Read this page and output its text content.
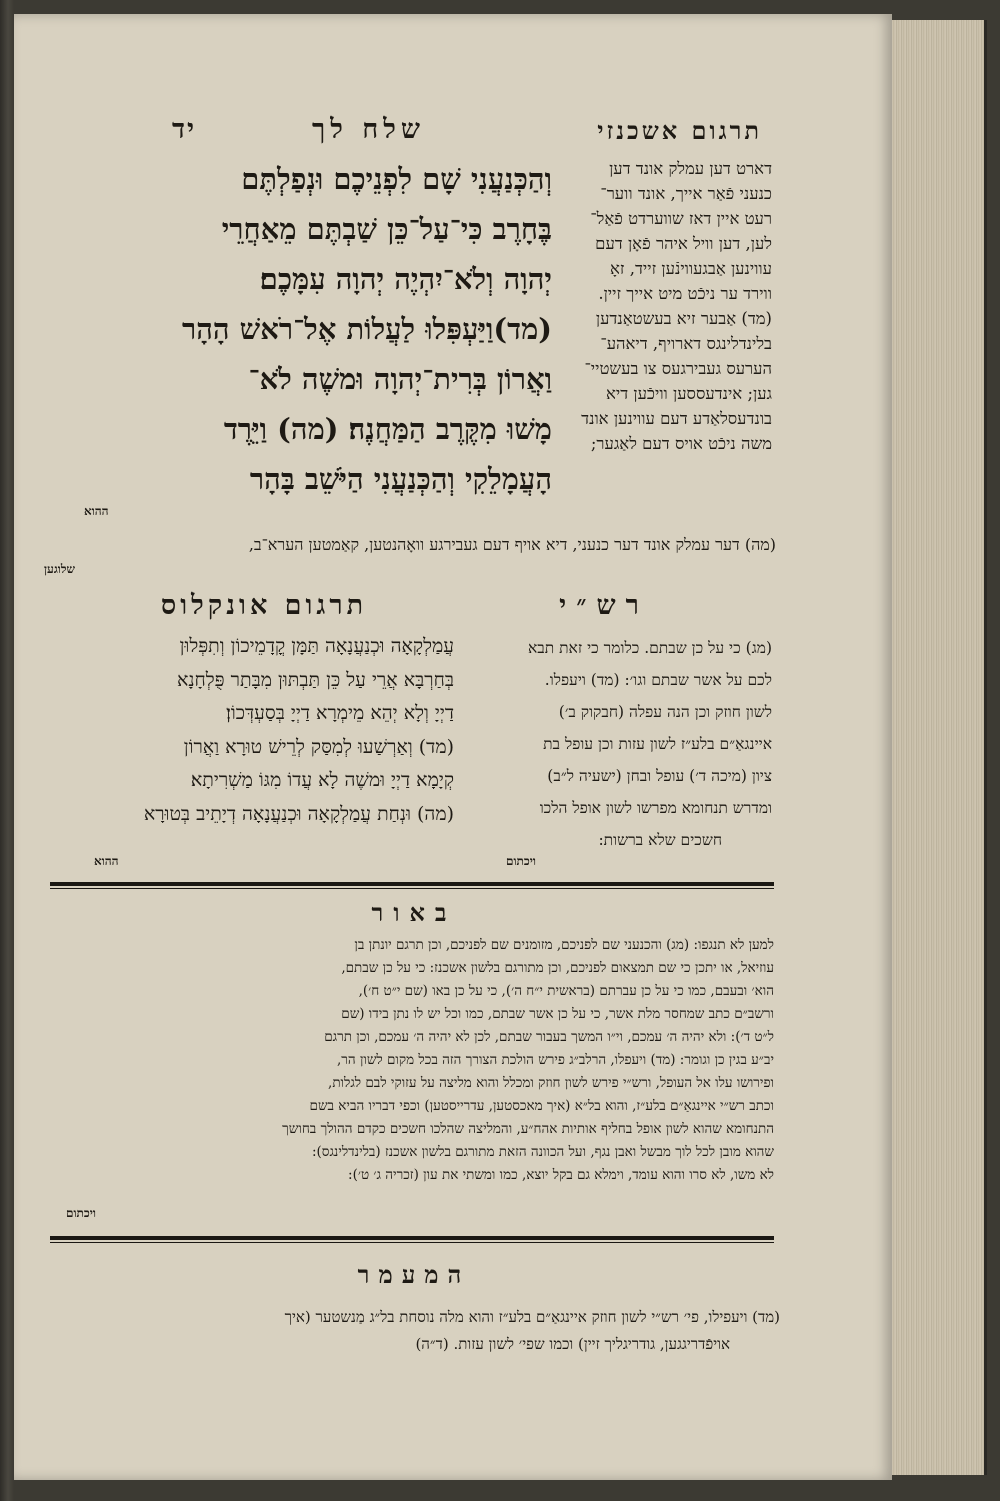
תרגום אשכנזי
שלח לך
יד
וְהַכְּנַעֲנִי שָׁם לִפְנֵיכֶם וּנְפַלְתֶּם
בֶּחָרֶב כִּי־עַל־כֵּן שַׁבְתֶּם מֵאַחֲרֵי
יְהוָה וְלֹא־יִהְיֶה יְהוָה עִמָּכֶם׃
(מד)וַיַּעְפִּלוּ לַעֲלוֹת אֶל־רֹאשׁ הָהָר
וַאֲרוֹן בְּרִית־יְהוָה וּמשֶׁה לֹא־
מָשׁוּ מִקֶּרֶב הַמַּחֲנֶה׃ (מה) וַיֵּרֶד
הָעֲמָלֵקִי וְהַכְּנַעֲנִי הַיֹּשֵׁב בָּהָר
ההוא
דארט דען עמלק אונד דען
כנעני פֿאַר אייך, אונד ווער־
רעט איין דאז שווערדט פֿאַל־
לען, דען וויל איהר פֿאָן דעם
עווינען אַבגעווינֿען זייד, זאָ
ווירד ער ניכֿט מיט אייך זיין.
(מד) אַבער זיא בעשטאַנדען
בלינדלינגס דארויף, דיאהע־
הערעס געבירגעס צו בעשטיי־
גען; אינדעססען וויכֿען דיא
בונדעסלאַדע דעם עווינען אונד
משה ניכֿט אויס דעם לאַגער;
(מה) דער עמלק אונד דער כנעני, דיא אויף דעם געבירגע וואָהנטען, קאַמטען הערא־ב,
שלוגען
רש״י
תרגום אונקלוס
(מג) כי על כן שבתם. כלומר כי זאת תבא
לכם על אשר שבתם וגו׳: (מד) ויעפלו.
לשון חוזק וכן הנה עפלה (חבקוק ב׳)
איינגאַ״ם בלע״ז לשון עזות וכן עופל בת
ציון (מיכה ד׳) עופל ובחן (ישעיה ל״ב)
ומדרש תנחומא מפרשו לשון אופל הלכו
חשכים שלא ברשות:
ויכתום
עֲמַלְקָאָה וּכְנַעֲנָאָה תַּמָּן קֳדָמֵיכוֹן וְתִפְּלוּן
בְּחַרְבָּא אֲרֵי עַל כֵּן תַּבְתּוּן מִבָּתַר פֻּלְחָנָא
דַיְיָ וְלָא יְהֵא מֵימְרָא דַיְיָ בְּסַעְדְּכוֹן׃
(מד) וְאַרְשַׁעוּ לְמִסַּק לְרֵישׁ טוּרָא וַאֲרוֹן
קְיָמָא דַיְיָ וּמשֶׁה לָא עֲדוֹ מִגּוֹ מַשְׁרִיתָא׃
(מה) וּנְחַת עֲמַלְקָאָה וּכְנַעֲנָאָה דְיָתֵיב בְּטוּרָא
ההוא
באור
למען לא תנגפו: (מג) והכנעני שם לפניכם, מזומנים שם לפניכם, וכן תרגם יונתן בן
עוזיאל, או יתכן כי שם תמצאום לפניכם, וכן מתורגם בלשון אשכנז: כי על כן שבתם,
הוא׳ ובעבם, כמו כי על כן עברתם (בראשית י״ח ה׳), כי על כן באו (שם י״ט ח׳),
ורשב״ם כתב שמחסר מלת אשר, כי על כן אשר שבתם, כמו וכל יש לו נתן בידו (שם
ל״ט ד׳): ולא יהיה ה׳ עמכם, וי״ו המשך בעבור שבתם, לכן לא יהיה ה׳ עמכם, וכן תרגם
יב״ע בגין כן וגומר: (מד) ויעפלו, הרלב״ג פירש הולכת הצורך הזה בכל מקום לשון הר,
ופירושו עלו אל העופל, ורש״י פירש לשון חוזק ומכלל והוא מליצה על עזוקי לבם לגלות,
וכתב רש״י איינגאַ״ם בלע״ז, והוא בל״א (איך מאכסטען, עדרייסטען) וכפי דבריו הביא בשם
התנחומא שהוא לשון אופל בחליף אותיות אהח״ע, והמליצה שהלכו חשכים כקדם ההולך בחושך
שהוא מובן לכל לוך מבשל ואבן נגף, ועל הכוונה הזאת מתורגם בלשון אשכנז (בלינדלינגס):
לא משו, לא סרו והוא עומד, וימלא גם בקל יוצא, כמו ומשתי את עון (זכריה ג׳ ט׳):
ויכתום
המעמר
(מד) ויעפילו, פי׳ רש״י לשון חוזק איינגאַ״ם בלע״ז והוא מלה נוסחת בל״ג מַנשטער (איך
אויפֿדריגגען, גודריגליך זיין) וכמו שפי׳ לשון עזות. (ד״ה)
